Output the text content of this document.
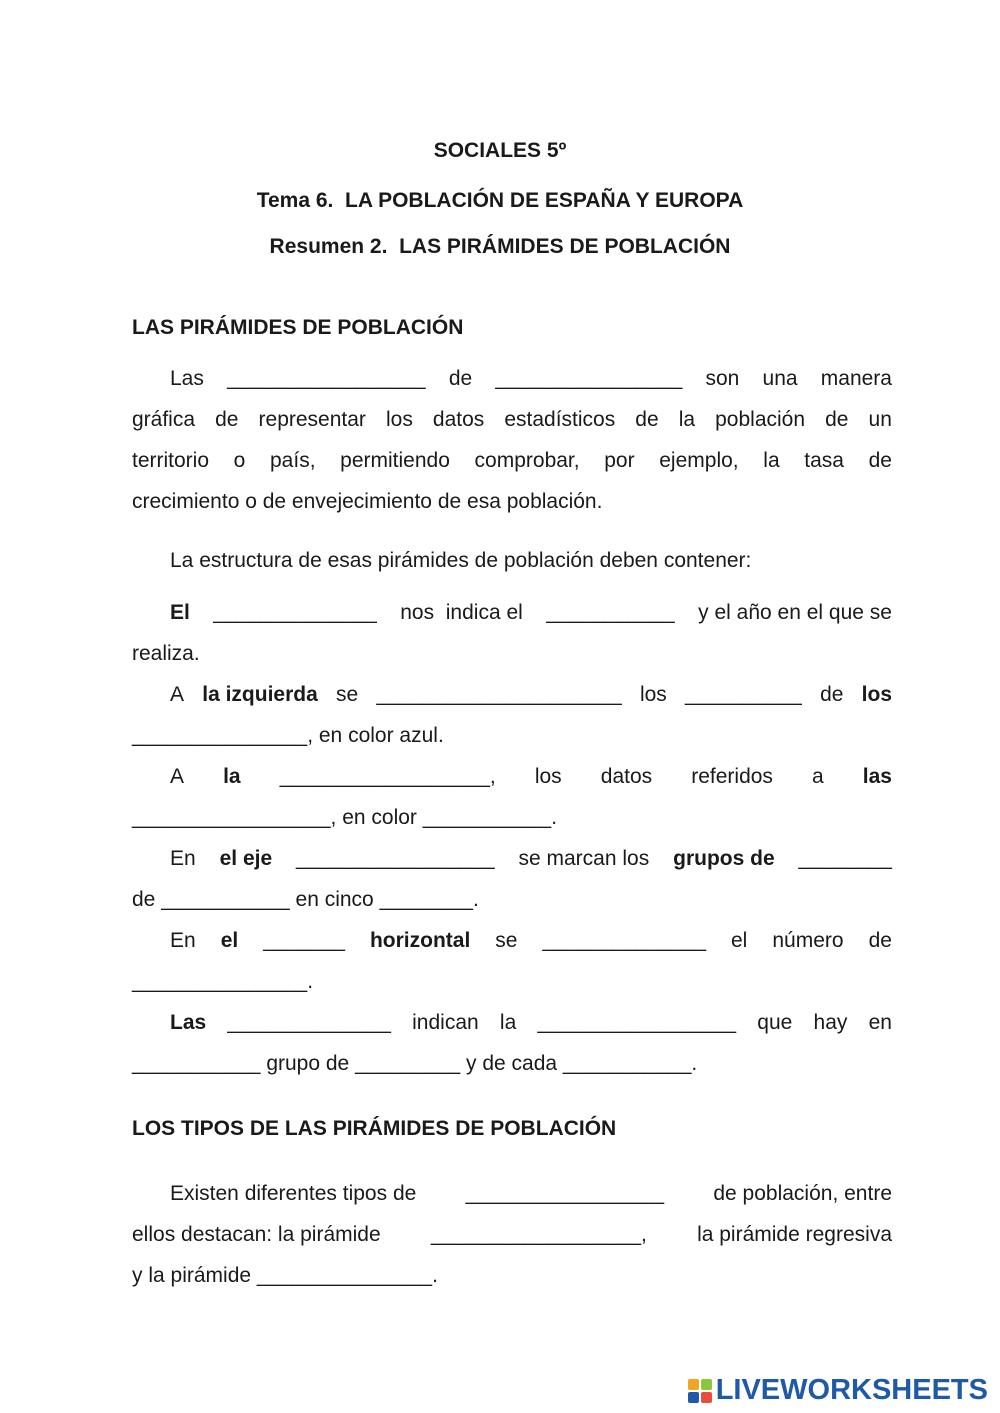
SOCIALES 5º
Tema 6.  LA POBLACIÓN DE ESPAÑA Y EUROPA
Resumen 2.  LAS PIRÁMIDES DE POBLACIÓN
LAS PIRÁMIDES DE POBLACIÓN
Las _________________ de ________________ son una manera
gráfica de representar los datos estadísticos de la población de un
territorio o país, permitiendo comprobar, por ejemplo, la tasa de
crecimiento o de envejecimiento de esa población.
La estructura de esas pirámides de población deben contener:
El ______________ nos  indica el ___________ y el año en el que se
realiza.
A la izquierda se _____________________ los __________ de los
_______________ , en color azul.
A la __________________, los datos referidos a las
_________________ , en color ___________ .
En el eje _________________ se marcan los grupos de ________
de ___________ en cinco ________ .
En el _______ horizontal se ______________ el número de
_______________ .
Las ______________ indican la _________________ que hay en
___________ grupo de _________ y de cada ___________ .
LOS TIPOS DE LAS PIRÁMIDES DE POBLACIÓN
Existen diferentes tipos de _________________ de población, entre
ellos destacan: la pirámide __________________, la pirámide regresiva
y la pirámide _______________ .
LIVEWORKSHEETS
